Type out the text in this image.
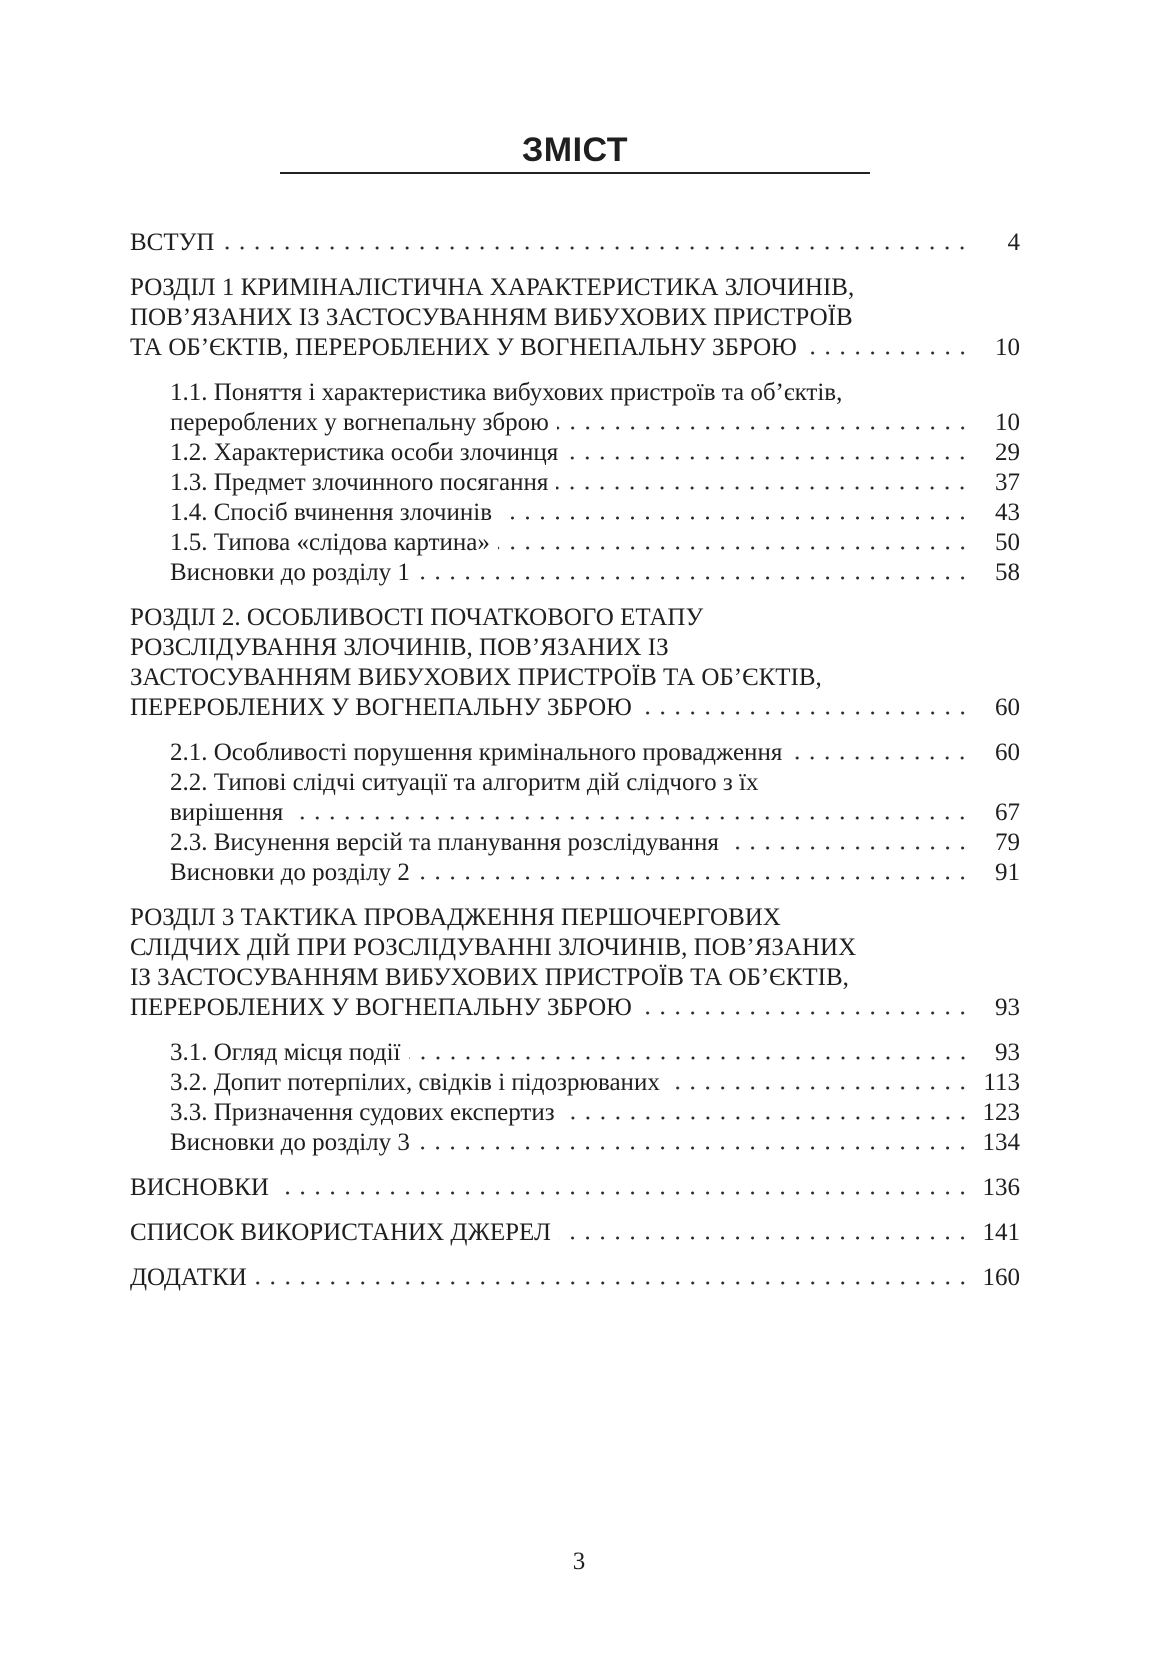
ЗМІСТ
ВСТУП	4
РОЗДІЛ 1 КРИМІНАЛІСТИЧНА ХАРАКТЕРИСТИКА ЗЛОЧИНІВ,
ПОВ’ЯЗАНИХ ІЗ ЗАСТОСУВАННЯМ ВИБУХОВИХ ПРИСТРОЇВ
ТА ОБ’ЄКТІВ, ПЕРЕРОБЛЕНИХ У ВОГНЕПАЛЬНУ ЗБРОЮ	10
1.1. Поняття і характеристика вибухових пристроїв та об’єктів,
перероблених у вогнепальну зброю	10
1.2. Характеристика особи злочинця	29
1.3. Предмет злочинного посягання	37
1.4. Спосіб вчинення злочинів	43
1.5. Типова «слідова картина»	50
Висновки до розділу 1	58
РОЗДІЛ 2. ОСОБЛИВОСТІ ПОЧАТКОВОГО ЕТАПУ
РОЗСЛІДУВАННЯ ЗЛОЧИНІВ, ПОВ’ЯЗАНИХ ІЗ
ЗАСТОСУВАННЯМ ВИБУХОВИХ ПРИСТРОЇВ ТА ОБ’ЄКТІВ,
ПЕРЕРОБЛЕНИХ У ВОГНЕПАЛЬНУ ЗБРОЮ	60
2.1. Особливості порушення кримінального провадження	60
2.2. Типові слідчі ситуації та алгоритм дій слідчого з їх
вирішення	67
2.3. Висунення версій та планування розслідування	79
Висновки до розділу 2	91
РОЗДІЛ 3 ТАКТИКА ПРОВАДЖЕННЯ ПЕРШОЧЕРГОВИХ
СЛІДЧИХ ДІЙ ПРИ РОЗСЛІДУВАННІ ЗЛОЧИНІВ, ПОВ’ЯЗАНИХ
ІЗ ЗАСТОСУВАННЯМ ВИБУХОВИХ ПРИСТРОЇВ ТА ОБ’ЄКТІВ,
ПЕРЕРОБЛЕНИХ У ВОГНЕПАЛЬНУ ЗБРОЮ	93
3.1. Огляд місця події	93
3.2. Допит потерпілих, свідків і підозрюваних	113
3.3. Призначення судових експертиз	123
Висновки до розділу 3	134
ВИСНОВКИ	136
СПИСОК ВИКОРИСТАНИХ ДЖЕРЕЛ	141
ДОДАТКИ	160
3
